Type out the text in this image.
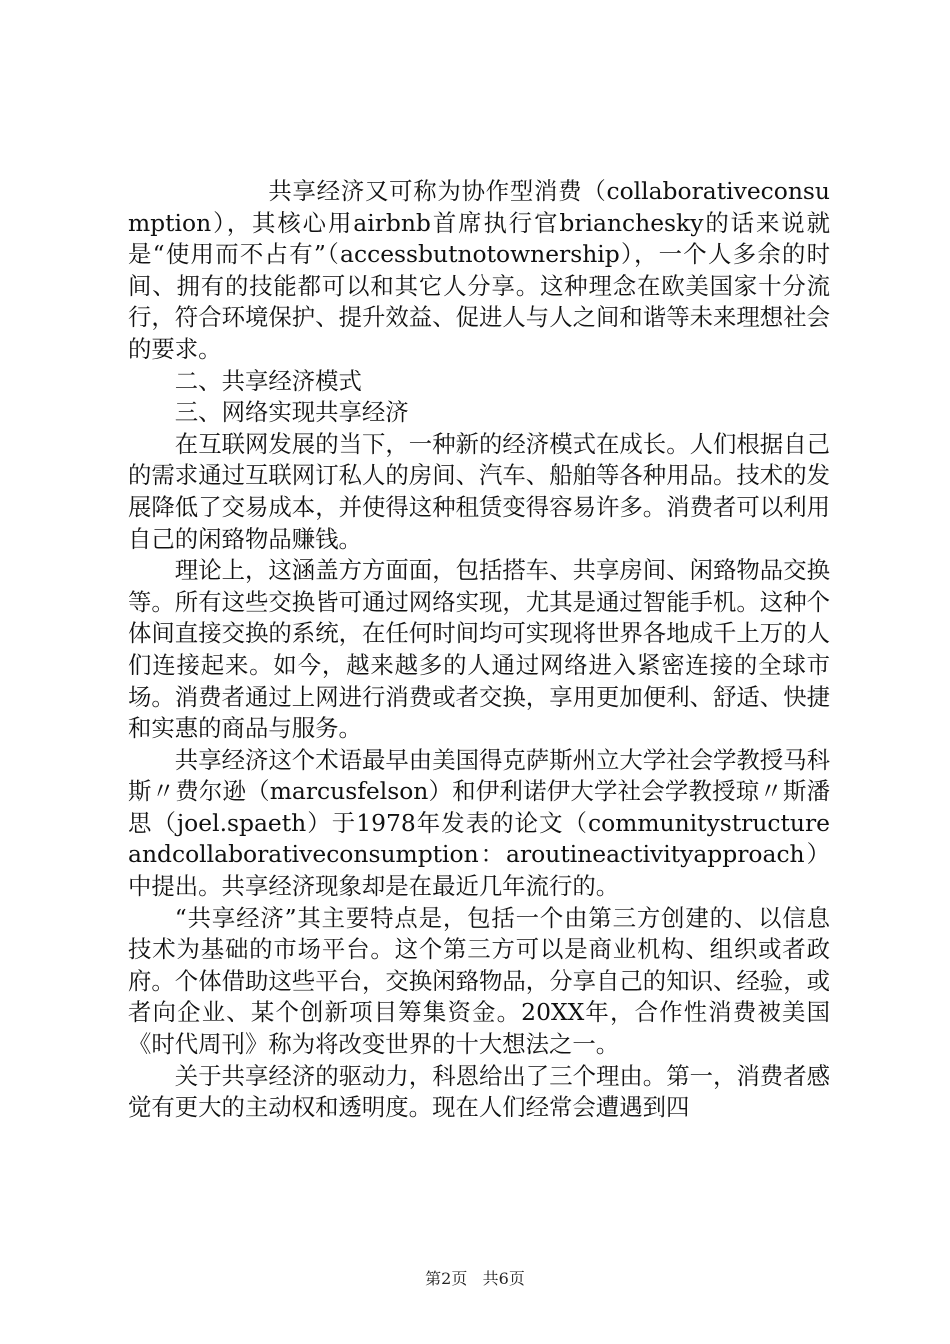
共享经济又可称为协作型消费（collaborativeconsumption），其核心用airbnb首席执行官brianchesky的话来说就是“使用而不占有”（accessbutnotownership），一个人多余的时间、拥有的技能都可以和其它人分享。这种理念在欧美国家十分流行，符合环境保护、提升效益、促进人与人之间和谐等未来理想社会的要求。

二、共享经济模式

三、网络实现共享经济

在互联网发展的当下，一种新的经济模式在成长。人们根据自己的需求通过互联网订私人的房间、汽车、船舶等各种用品。技术的发展降低了交易成本，并使得这种租赁变得容易许多。消费者可以利用自己的闲臵物品赚钱。

理论上，这涵盖方方面面，包括搭车、共享房间、闲臵物品交换等。所有这些交换皆可通过网络实现，尤其是通过智能手机。这种个体间直接交换的系统，在任何时间均可实现将世界各地成千上万的人们连接起来。如今，越来越多的人通过网络进入紧密连接的全球市场。消费者通过上网进行消费或者交换，享用更加便利、舒适、快捷和实惠的商品与服务。

共享经济这个术语最早由美国得克萨斯州立大学社会学教授马科斯〃费尔逊（marcusfelson）和伊利诺伊大学社会学教授琼〃斯潘思（joel.spaeth）于1978年发表的论文（communitystructureandcollaborativeconsumption：aroutineactivityapproach）中提出。共享经济现象却是在最近几年流行的。

“共享经济”其主要特点是，包括一个由第三方创建的、以信息技术为基础的市场平台。这个第三方可以是商业机构、组织或者政府。个体借助这些平台，交换闲臵物品，分享自己的知识、经验，或者向企业、某个创新项目筹集资金。20XX年，合作性消费被美国《时代周刊》称为将改变世界的十大想法之一。

关于共享经济的驱动力，科恩给出了三个理由。第一，消费者感觉有更大的主动权和透明度。现在人们经常会遭遇到四

第2页 共6页
